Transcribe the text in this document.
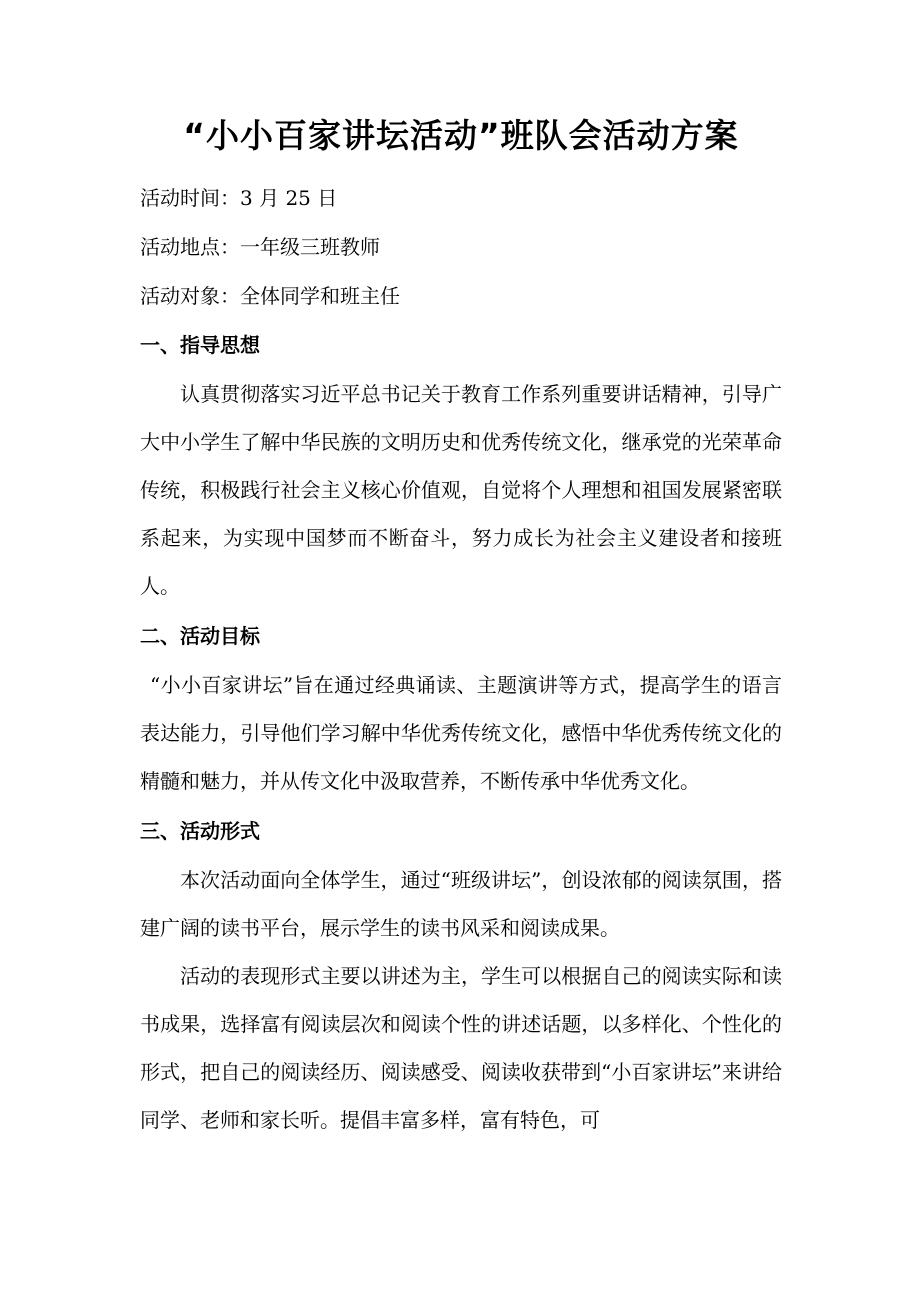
“小小百家讲坛活动”班队会活动方案

活动时间：3 月 25 日

活动地点：一年级三班教师

活动对象：全体同学和班主任

一、指导思想

认真贯彻落实习近平总书记关于教育工作系列重要讲话精神，引导广大中小学生了解中华民族的文明历史和优秀传统文化，继承党的光荣革命传统，积极践行社会主义核心价值观，自觉将个人理想和祖国发展紧密联系起来，为实现中国梦而不断奋斗，努力成长为社会主义建设者和接班人。

二、活动目标

“小小百家讲坛”旨在通过经典诵读、主题演讲等方式，提高学生的语言表达能力，引导他们学习解中华优秀传统文化，感悟中华优秀传统文化的精髓和魅力，并从传文化中汲取营养，不断传承中华优秀文化。

三、活动形式

本次活动面向全体学生，通过“班级讲坛”，创设浓郁的阅读氛围，搭建广阔的读书平台，展示学生的读书风采和阅读成果。

活动的表现形式主要以讲述为主，学生可以根据自己的阅读实际和读书成果，选择富有阅读层次和阅读个性的讲述话题，以多样化、个性化的形式，把自己的阅读经历、阅读感受、阅读收获带到“小百家讲坛”来讲给同学、老师和家长听。提倡丰富多样，富有特色，可
